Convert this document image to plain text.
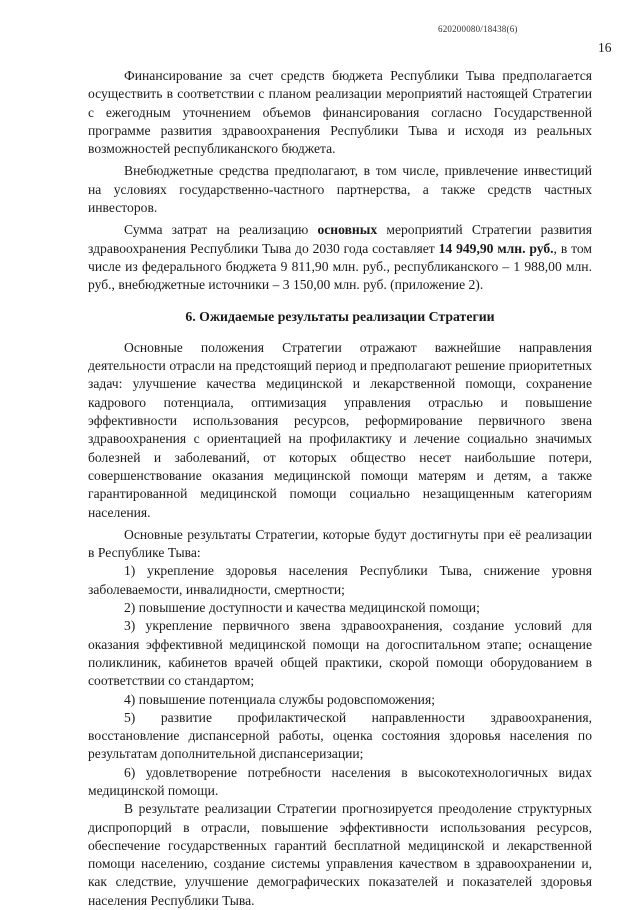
620200080/18438(6)
16

Финансирование за счет средств бюджета Республики Тыва предполагается осуществить в соответствии с планом реализации мероприятий настоящей Стратегии с ежегодным уточнением объемов финансирования согласно Государственной программе развития здравоохранения Республики Тыва и исходя из реальных возможностей республиканского бюджета.

Внебюджетные средства предполагают, в том числе, привлечение инвестиций на условиях государственно-частного партнерства, а также средств частных инвесторов.

Сумма затрат на реализацию основных мероприятий Стратегии развития здравоохранения Республики Тыва до 2030 года составляет 14 949,90 млн. руб., в том числе из федерального бюджета 9 811,90 млн. руб., республиканского – 1 988,00 млн. руб., внебюджетные источники – 3 150,00 млн. руб. (приложение 2).

6. Ожидаемые результаты реализации Стратегии

Основные положения Стратегии отражают важнейшие направления деятельности отрасли на предстоящий период и предполагают решение приоритетных задач: улучшение качества медицинской и лекарственной помощи, сохранение кадрового потенциала, оптимизация управления отраслью и повышение эффективности использования ресурсов, реформирование первичного звена здравоохранения с ориентацией на профилактику и лечение социально значимых болезней и заболеваний, от которых общество несет наибольшие потери, совершенствование оказания медицинской помощи матерям и детям, а также гарантированной медицинской помощи социально незащищенным категориям населения.

Основные результаты Стратегии, которые будут достигнуты при её реализации в Республике Тыва:

1) укрепление здоровья населения Республики Тыва, снижение уровня заболеваемости, инвалидности, смертности;
2) повышение доступности и качества медицинской помощи;
3) укрепление первичного звена здравоохранения, создание условий для оказания эффективной медицинской помощи на догоспитальном этапе; оснащение поликлиник, кабинетов врачей общей практики, скорой помощи оборудованием в соответствии со стандартом;
4) повышение потенциала службы родовспоможения;
5) развитие профилактической направленности здравоохранения, восстановление диспансерной работы, оценка состояния здоровья населения по результатам дополнительной диспансеризации;
6) удовлетворение потребности населения в высокотехнологичных видах медицинской помощи.

В результате реализации Стратегии прогнозируется преодоление структурных диспропорций в отрасли, повышение эффективности использования ресурсов, обеспечение государственных гарантий бесплатной медицинской и лекарственной помощи населению, создание системы управления качеством в здравоохранении и, как следствие, улучшение демографических показателей и показателей здоровья населения Республики Тыва.
